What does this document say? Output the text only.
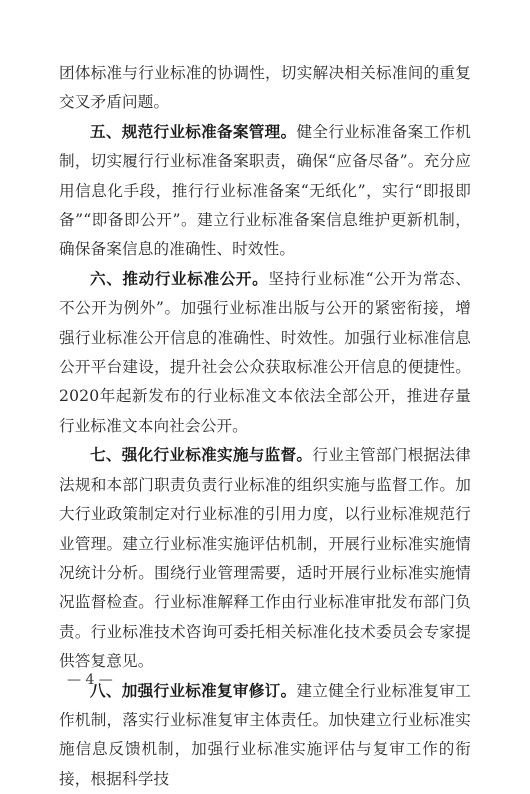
团体标准与行业标准的协调性，切实解决相关标准间的重复交叉矛盾问题。

五、规范行业标准备案管理。健全行业标准备案工作机制，切实履行行业标准备案职责，确保“应备尽备”。充分应用信息化手段，推行行业标准备案“无纸化”，实行“即报即备”“即备即公开”。建立行业标准备案信息维护更新机制，确保备案信息的准确性、时效性。

六、推动行业标准公开。坚持行业标准“公开为常态、不公开为例外”。加强行业标准出版与公开的紧密衔接，增强行业标准公开信息的准确性、时效性。加强行业标准信息公开平台建设，提升社会公众获取标准公开信息的便捷性。2020年起新发布的行业标准文本依法全部公开，推进存量行业标准文本向社会公开。

七、强化行业标准实施与监督。行业主管部门根据法律法规和本部门职责负责行业标准的组织实施与监督工作。加大行业政策制定对行业标准的引用力度，以行业标准规范行业管理。建立行业标准实施评估机制，开展行业标准实施情况统计分析。围绕行业管理需要，适时开展行业标准实施情况监督检查。行业标准解释工作由行业标准审批发布部门负责。行业标准技术咨询可委托相关标准化技术委员会专家提供答复意见。

八、加强行业标准复审修订。建立健全行业标准复审工作机制，落实行业标准复审主体责任。加快建立行业标准实施信息反馈机制，加强行业标准实施评估与复审工作的衔接，根据科学技

— 4 —
